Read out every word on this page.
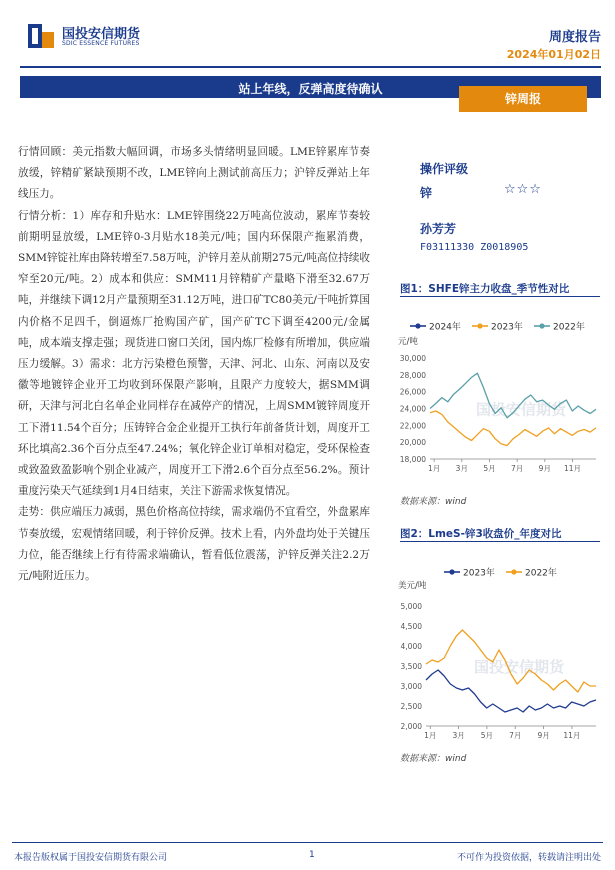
国投安信期货
SDIC ESSENCE FUTURES	周度报告
2024年01月02日
站上年线，反弹高度待确认
锌周报

行情回顾：美元指数大幅回调，市场多头情绪明显回暖。LME锌累库节奏放缓，锌精矿紧缺预期不改，LME锌向上测试前高压力；沪锌反弹站上年线压力。

行情分析：1）库存和升贴水：LME锌围绕22万吨高位波动，累库节奏较前期明显放缓，LME锌0-3月贴水18美元/吨；国内环保限产拖累消费，SMM锌锭社库由降转增至7.58万吨，沪锌月差从前期275元/吨高位持续收窄至20元/吨。2）成本和供应：SMM11月锌精矿产量略下滑至32.67万吨，并继续下调12月产量预期至31.12万吨，进口矿TC80美元/干吨折算国内价格不足四千，倒逼炼厂抢购国产矿，国产矿TC下调至4200元/金属吨，成本端支撑走强；现货进口窗口关闭，国内炼厂检修有所增加，供应端压力缓解。3）需求：北方污染橙色预警，天津、河北、山东、河南以及安徽等地镀锌企业开工均收到环保限产影响，且限产力度较大，据SMM调研，天津与河北白名单企业同样存在减停产的情况，上周SMM镀锌周度开工下滑11.54个百分；压铸锌合金企业提开工执行年前备货计划，周度开工环比填高2.36个百分点至47.24%；氧化锌企业订单相对稳定，受环保检查或致盈致盈影响个别企业减产，周度开工下滑2.6个百分点至56.2%。预计重度污染天气延续到1月4日结束，关注下游需求恢复情况。

走势：供应端压力减弱，黑色价格高位持续，需求端仍不宜看空，外盘累库节奏放缓，宏观情绪回暖，利于锌价反弹。技术上看，内外盘均处于关键压力位，能否继续上行有待需求端确认，暂看低位震荡，沪锌反弹关注2.2万元/吨附近压力。

操作评级
锌	☆☆☆
孙芳芳
F03111330 Z0018905
图1：SHFE锌主力收盘_季节性对比
2024年	2023年	2022年
元/吨
30,000
28,000
26,000
24,000
22,000
20,000
18,000
1月 3月 5月 7月 9月 11月
国投安信期货
数据来源：wind
图2：LmeS-锌3收盘价_年度对比
2023年	2022年
美元/吨
5,000
4,500
4,000
3,500
3,000
2,500
2,000
1月 3月 5月 7月 9月 11月
国投安信期货
数据来源：wind
本报告版权属于国投安信期货有限公司	1	不可作为投资依据，转载请注明出处
